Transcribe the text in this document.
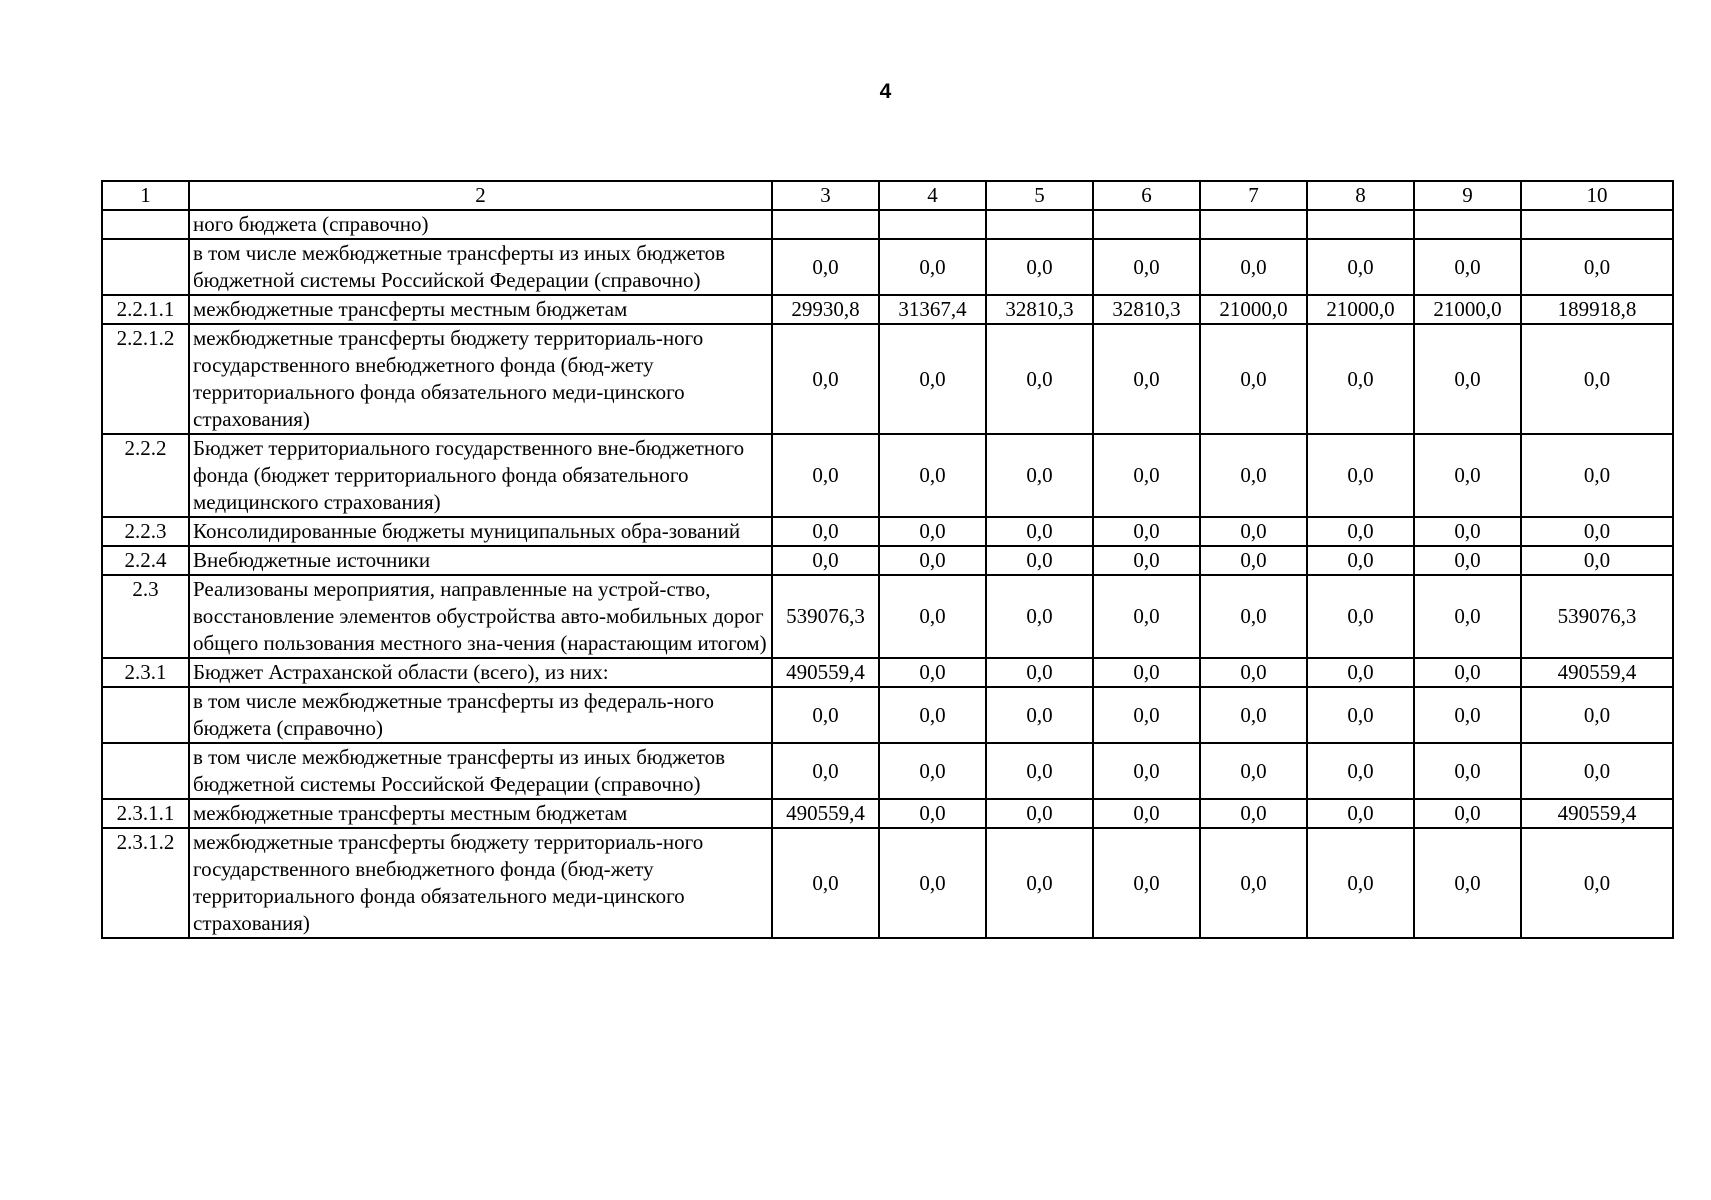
4
1	2	3	4	5	6	7	8	9	10
	ного бюджета (справочно)								
	в том числе межбюджетные трансферты из иных бюджетов бюджетной системы Российской Федерации (справочно)	0,0	0,0	0,0	0,0	0,0	0,0	0,0	0,0
2.2.1.1	межбюджетные трансферты местным бюджетам	29930,8	31367,4	32810,3	32810,3	21000,0	21000,0	21000,0	189918,8
2.2.1.2	межбюджетные трансферты бюджету территориаль-ного государственного внебюджетного фонда (бюд-жету территориального фонда обязательного меди-цинского страхования)	0,0	0,0	0,0	0,0	0,0	0,0	0,0	0,0
2.2.2	Бюджет территориального государственного вне-бюджетного фонда (бюджет территориального фонда обязательного медицинского страхования)	0,0	0,0	0,0	0,0	0,0	0,0	0,0	0,0
2.2.3	Консолидированные бюджеты муниципальных обра-зований	0,0	0,0	0,0	0,0	0,0	0,0	0,0	0,0
2.2.4	Внебюджетные источники	0,0	0,0	0,0	0,0	0,0	0,0	0,0	0,0
2.3	Реализованы мероприятия, направленные на устрой-ство, восстановление элементов обустройства авто-мобильных дорог общего пользования местного зна-чения (нарастающим итогом)	539076,3	0,0	0,0	0,0	0,0	0,0	0,0	539076,3
2.3.1	Бюджет Астраханской области (всего), из них:	490559,4	0,0	0,0	0,0	0,0	0,0	0,0	490559,4
	в том числе межбюджетные трансферты из федераль-ного бюджета (справочно)	0,0	0,0	0,0	0,0	0,0	0,0	0,0	0,0
	в том числе межбюджетные трансферты из иных бюджетов бюджетной системы Российской Федерации (справочно)	0,0	0,0	0,0	0,0	0,0	0,0	0,0	0,0
2.3.1.1	межбюджетные трансферты местным бюджетам	490559,4	0,0	0,0	0,0	0,0	0,0	0,0	490559,4
2.3.1.2	межбюджетные трансферты бюджету территориаль-ного государственного внебюджетного фонда (бюд-жету территориального фонда обязательного меди-цинского страхования)	0,0	0,0	0,0	0,0	0,0	0,0	0,0	0,0
